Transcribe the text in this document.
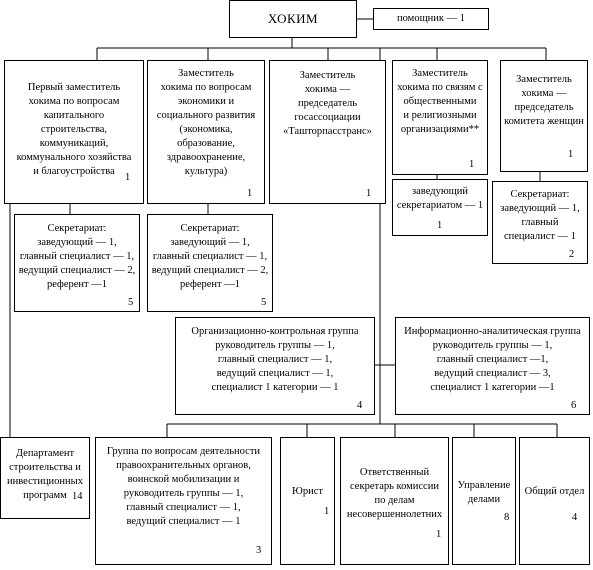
ХОКИМ	помощник — 1
Первый заместитель
хокима по вопросам
капитального
строительства,
коммуникаций,
коммунального хозяйства
и благоустройства
1
Заместитель
хокима по вопросам
экономики и
социального развития
(экономика,
образование,
здравоохранение,
культура)
1
Заместитель
хокима —
председатель
госассоциации
«Таштоpпасстранс»
1
Заместитель
хокима по связям с
общественными
и религиозными
организациями**
1
Заместитель
хокима —
председатель
комитета женщин
1
Секретариат:
заведующий — 1,
главный специалист — 1,
ведущий специалист — 2,
референт —1
5
Секретариат:
заведующий — 1,
главный специалист — 1,
ведущий специалист — 2,
референт —1
5
заведующий
секретариатом — 1
1
Секретариат:
заведующий — 1,
главный
специалист — 1
2
Организационно-контрольная группа
руководитель группы — 1,
главный специалист — 1,
ведущий специалист — 1,
специалист 1 категории — 1
4
Информационно-аналитическая группа
руководитель группы — 1,
главный специалист —1,
ведущий специалист — 3,
специалист 1 категории —1
6
Департамент
строительства и
инвестиционных
программ 14
Группа по вопросам деятельности
правоохранительных органов,
воинской мобилизации и
руководитель группы — 1,
главный специалист — 1,
ведущий специалист — 1
3
Юрист
1
Ответственный
секретарь комиссии
по делам
несовершеннолетних
1
Управление
делами
8
Общий отдел
4
